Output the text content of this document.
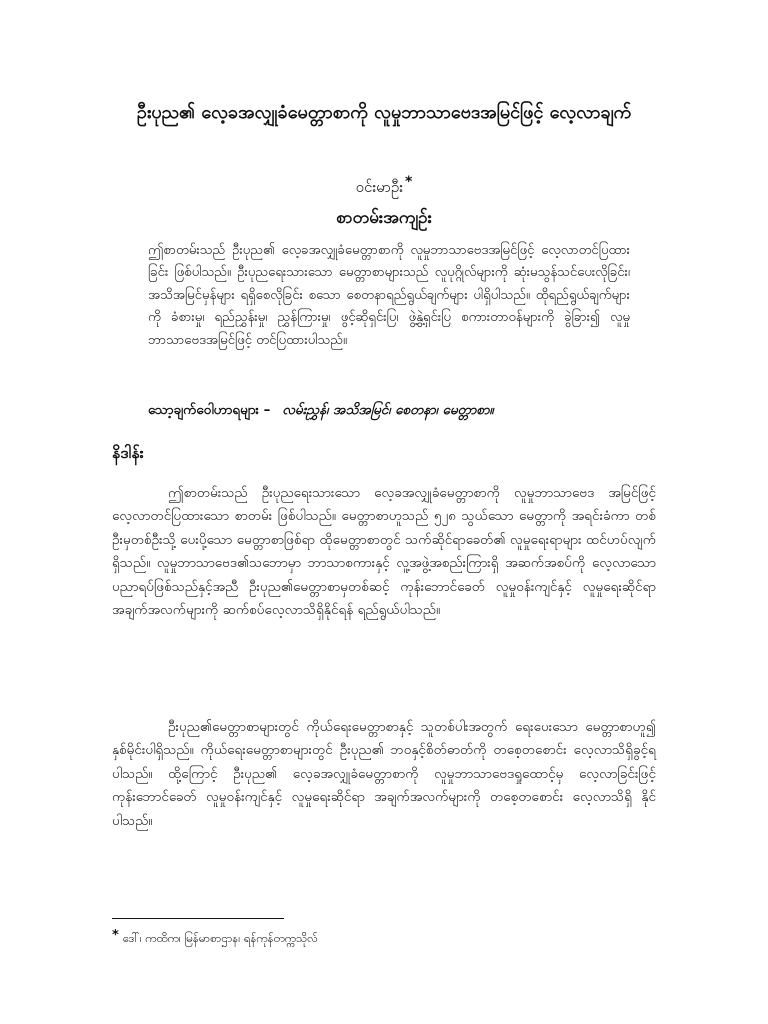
ဦးပုည၏ လေ့ခအလျှုခံမေတ္တာစာကို လူမှုဘာသာဗေဒအမြင်ဖြင့် လေ့လာချက်
ဝင်းမာဦး *
စာတမ်းအကျဉ်း
ဤစာတမ်းသည် ဦးပုည၏ လေ့ခအလျှုခံမေတ္တာစာကို လူမှုဘာသာဗေဒအမြင်ဖြင့် လေ့လာတင်ပြထားခြင်း ဖြစ်ပါသည်။ ဦးပုညရေးသားသော မေတ္တာစာများသည် လူပုဂ္ဂိုလ်များကို ဆုံးမသွန်သင်ပေးလိုခြင်း၊ အသိအမြင်မှန်များ ရရှိစေလိုခြင်း စသော စေတနာရည်ရွယ်ချက်များ ပါရှိပါသည်။ ထိုရည်ရွယ်ချက်များကို ခံစားမှု၊ ရည်ညွှန်းမှု၊ ညွှန်ကြားမှု၊ ဖွင့်ဆိုရှင်းပြ၊ ဖွဲ့နွဲ့ရှင်းပြ စကားတာဝန်များကို ခွဲခြား၍ လူမှုဘာသာဗေဒအမြင်ဖြင့် တင်ပြထားပါသည်။
သော့ချက်ဝေါဟာရများ – လမ်းညွှန်၊ အသိအမြင်၊ စေတနာ၊ မေတ္တာစာ။
နိဒါန်း
ဤစာတမ်းသည် ဦးပုညရေးသားသော လေ့ခအလျှုခံမေတ္တာစာကို လူမှုဘာသာဗေဒ အမြင်ဖြင့် လေ့လာတင်ပြထားသော စာတမ်း ဖြစ်ပါသည်။ မေတ္တာစာဟူသည် ၅၂၈ သွယ်သော မေတ္တာကို အရင်းခံကာ တစ်ဦးမှတစ်ဦးသို့ ပေးပို့သော မေတ္တာစာဖြစ်ရာ ထိုမေတ္တာစာတွင် သက်ဆိုင်ရာခေတ်၏ လူမှုရေးရာများ ထင်ဟပ်လျက်ရှိသည်။ လူမှုဘာသာဗေဒ၏သဘောမှာ ဘာသာစကားနှင့် လူ့အဖွဲ့အစည်းကြားရှိ အဆက်အစပ်ကို လေ့လာသော ပညာရပ်ဖြစ်သည်နှင့်အညီ ဦးပုည၏မေတ္တာစာမှတစ်ဆင့် ကုန်းဘောင်ခေတ် လူမှုဝန်းကျင်နှင့် လူမှုရေးဆိုင်ရာ အချက်အလက်များကို ဆက်စပ်လေ့လာသိရှိနိုင်ရန် ရည်ရွယ်ပါသည်။
ဦးပုည၏မေတ္တာစာများတွင် ကိုယ်ရေးမေတ္တာစာနှင့် သူတစ်ပါးအတွက် ရေးပေးသော မေတ္တာစာဟူ၍ နှစ်မိုင်းပါရှိသည်။ ကိုယ်ရေးမေတ္တာစာများတွင် ဦးပုည၏ ဘဝနှင့်စိတ်ဓာတ်ကို တစေ့တစောင်း လေ့လာသိရှိခွင့်ရပါသည်။ ထို့ကြောင့် ဦးပုည၏ လေ့ခအလျှုခံမေတ္တာစာကို လူမှုဘာသာဗေဒရှုထောင့်မှ လေ့လာခြင်းဖြင့် ကုန်းဘောင်ခေတ် လူမှုဝန်းကျင်နှင့် လူမှုရေးဆိုင်ရာ အချက်အလက်များကို တစေ့တစောင်း လေ့လာသိရှိ နိုင်ပါသည်။
* ဒေါ်၊ ကထိက၊ မြန်မာစာဌာန၊ ရန်ကုန်တက္ကသိုလ်
